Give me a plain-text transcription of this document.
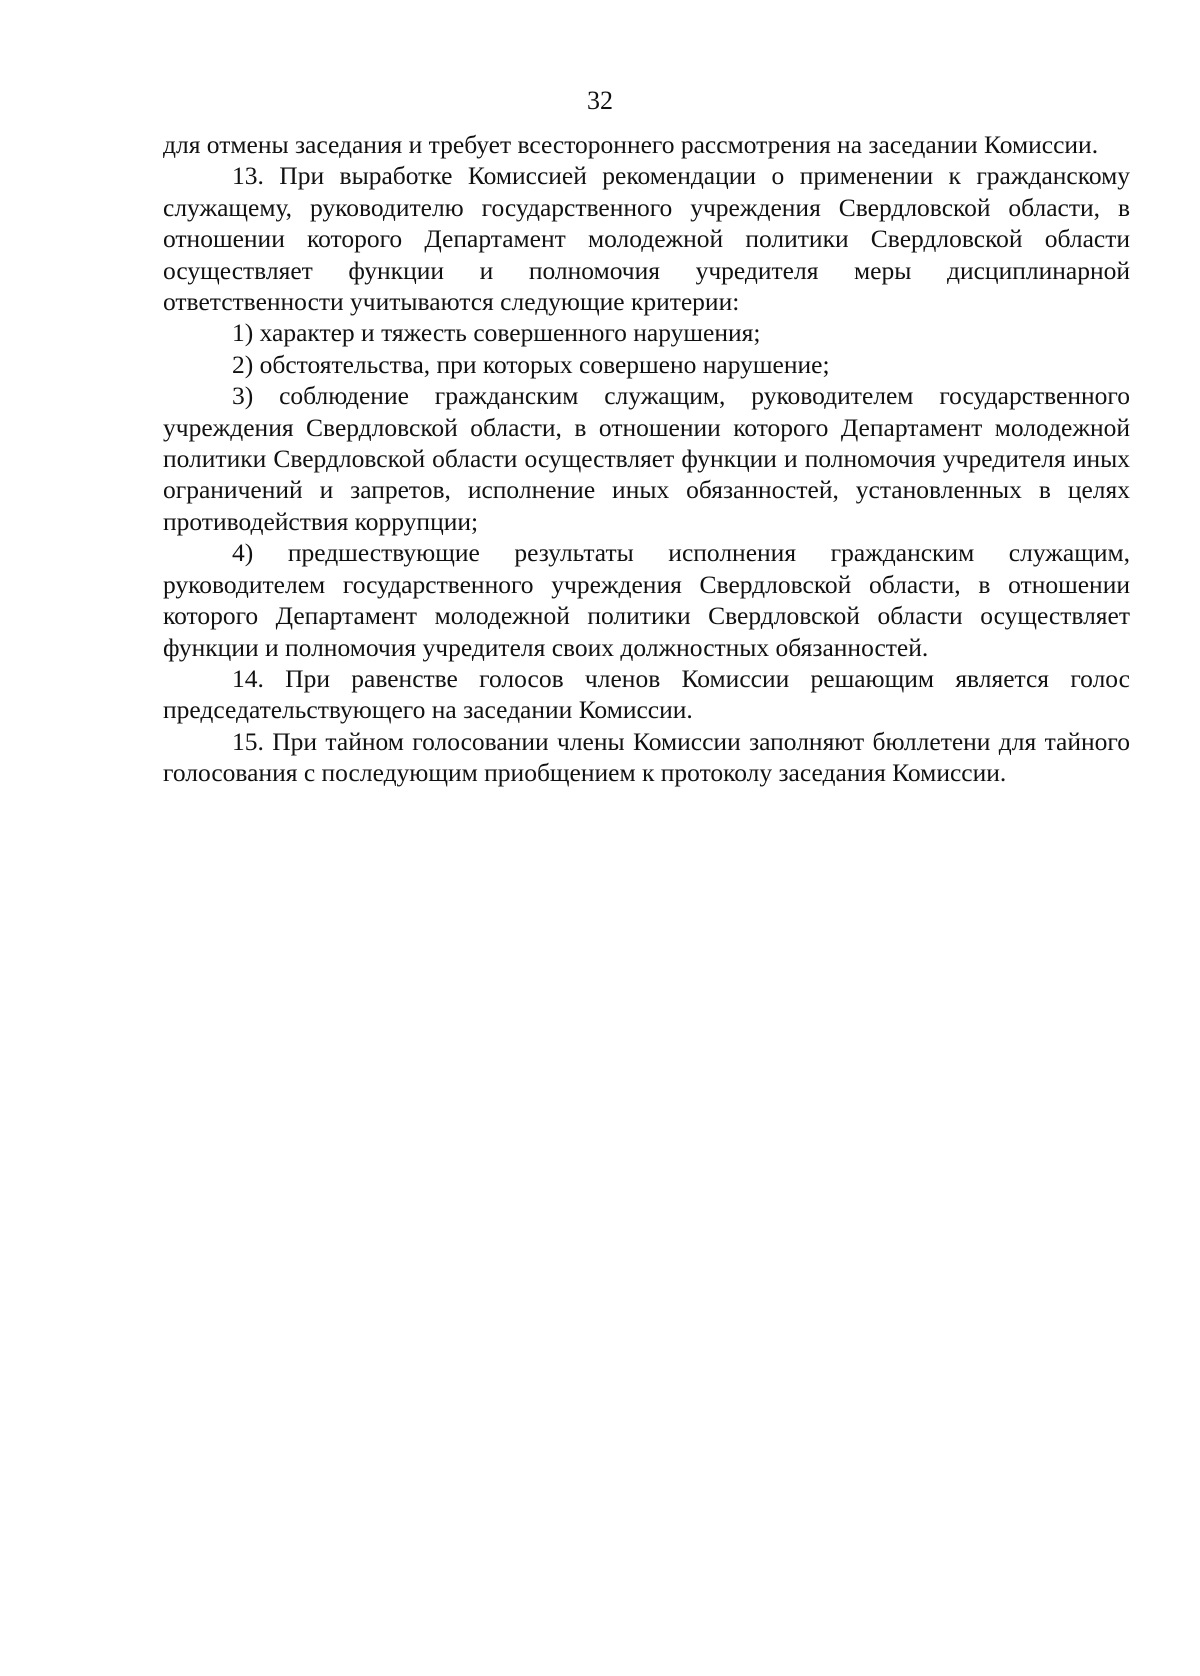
32

для отмены заседания и требует всестороннего рассмотрения на заседании Комиссии.

13. При выработке Комиссией рекомендации о применении к гражданскому служащему, руководителю государственного учреждения Свердловской области, в отношении которого Департамент молодежной политики Свердловской области осуществляет функции и полномочия учредителя меры дисциплинарной ответственности учитываются следующие критерии:

1) характер и тяжесть совершенного нарушения;

2) обстоятельства, при которых совершено нарушение;

3) соблюдение гражданским служащим, руководителем государственного учреждения Свердловской области, в отношении которого Департамент молодежной политики Свердловской области осуществляет функции и полномочия учредителя иных ограничений и запретов, исполнение иных обязанностей, установленных в целях противодействия коррупции;

4) предшествующие результаты исполнения гражданским служащим, руководителем государственного учреждения Свердловской области, в отношении которого Департамент молодежной политики Свердловской области осуществляет функции и полномочия учредителя своих должностных обязанностей.

14. При равенстве голосов членов Комиссии решающим является голос председательствующего на заседании Комиссии.

15. При тайном голосовании члены Комиссии заполняют бюллетени для тайного голосования с последующим приобщением к протоколу заседания Комиссии.
